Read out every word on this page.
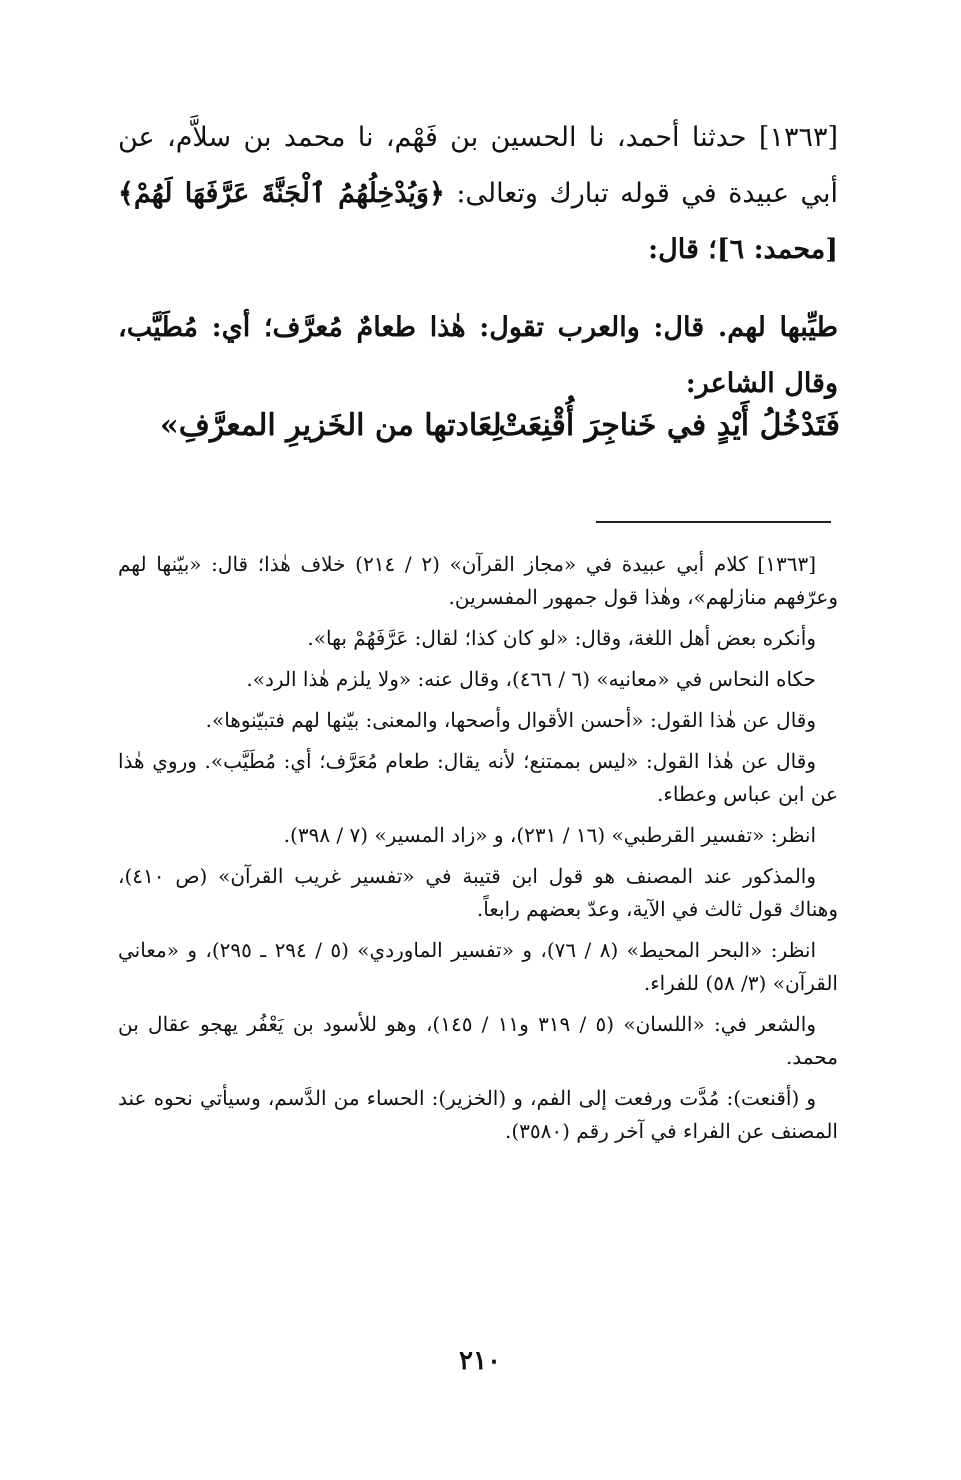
[١٣٦٣] حدثنا أحمد، نا الحسين بن فَهْم، نا محمد بن سلاَّم، عن أبي عبيدة في قوله تبارك وتعالى: ﴿وَيُدْخِلُهُمُ ٱلْجَنَّةَ عَرَّفَهَا لَهُمْ﴾ [محمد: ٦]؛ قال:

طيِّبها لهم. قال: والعرب تقول: هٰذا طعامٌ مُعرَّف؛ أي: مُطَيَّب، وقال الشاعر:

فَتَدْخُلُ أَيْدٍ في خَناجِرَ أُقْنِعَتْ
لِعَادتها من الخَزيرِ المعرَّفِ»

[١٣٦٣] كلام أبي عبيدة في «مجاز القرآن» (٢ / ٢١٤) خلاف هٰذا؛ قال: «بيّنها لهم وعرّفهم منازلهم»، وهٰذا قول جمهور المفسرين.

وأنكره بعض أهل اللغة، وقال: «لو كان كذا؛ لقال: عَرَّفَهُمْ بها».

حكاه النحاس في «معانيه» (٦ / ٤٦٦)، وقال عنه: «ولا يلزم هٰذا الرد».

وقال عن هٰذا القول: «أحسن الأقوال وأصحها، والمعنى: بيّنها لهم فتبيّنوها».

وقال عن هٰذا القول: «ليس بممتنع؛ لأنه يقال: طعام مُعَرَّف؛ أي: مُطَيَّب». وروي هٰذا عن ابن عباس وعطاء.

انظر: «تفسير القرطبي» (١٦ / ٢٣١)، و «زاد المسير» (٧ / ٣٩٨).

والمذكور عند المصنف هو قول ابن قتيبة في «تفسير غريب القرآن» (ص ٤١٠)، وهناك قول ثالث في الآية، وعدّ بعضهم رابعاً.

انظر: «البحر المحيط» (٨ / ٧٦)، و «تفسير الماوردي» (٥ / ٢٩٤ ـ ٢٩٥)، و «معاني القرآن» (٣/ ٥٨) للفراء.

والشعر في: «اللسان» (٥ / ٣١٩ و١١ / ١٤٥)، وهو للأسود بن يَعْفُر يهجو عقال بن محمد.

و (أقنعت): مُدَّت ورفعت إلى الفم، و (الخزير): الحساء من الدَّسم، وسيأتي نحوه عند المصنف عن الفراء في آخر رقم (٣٥٨٠).

٢١٠
